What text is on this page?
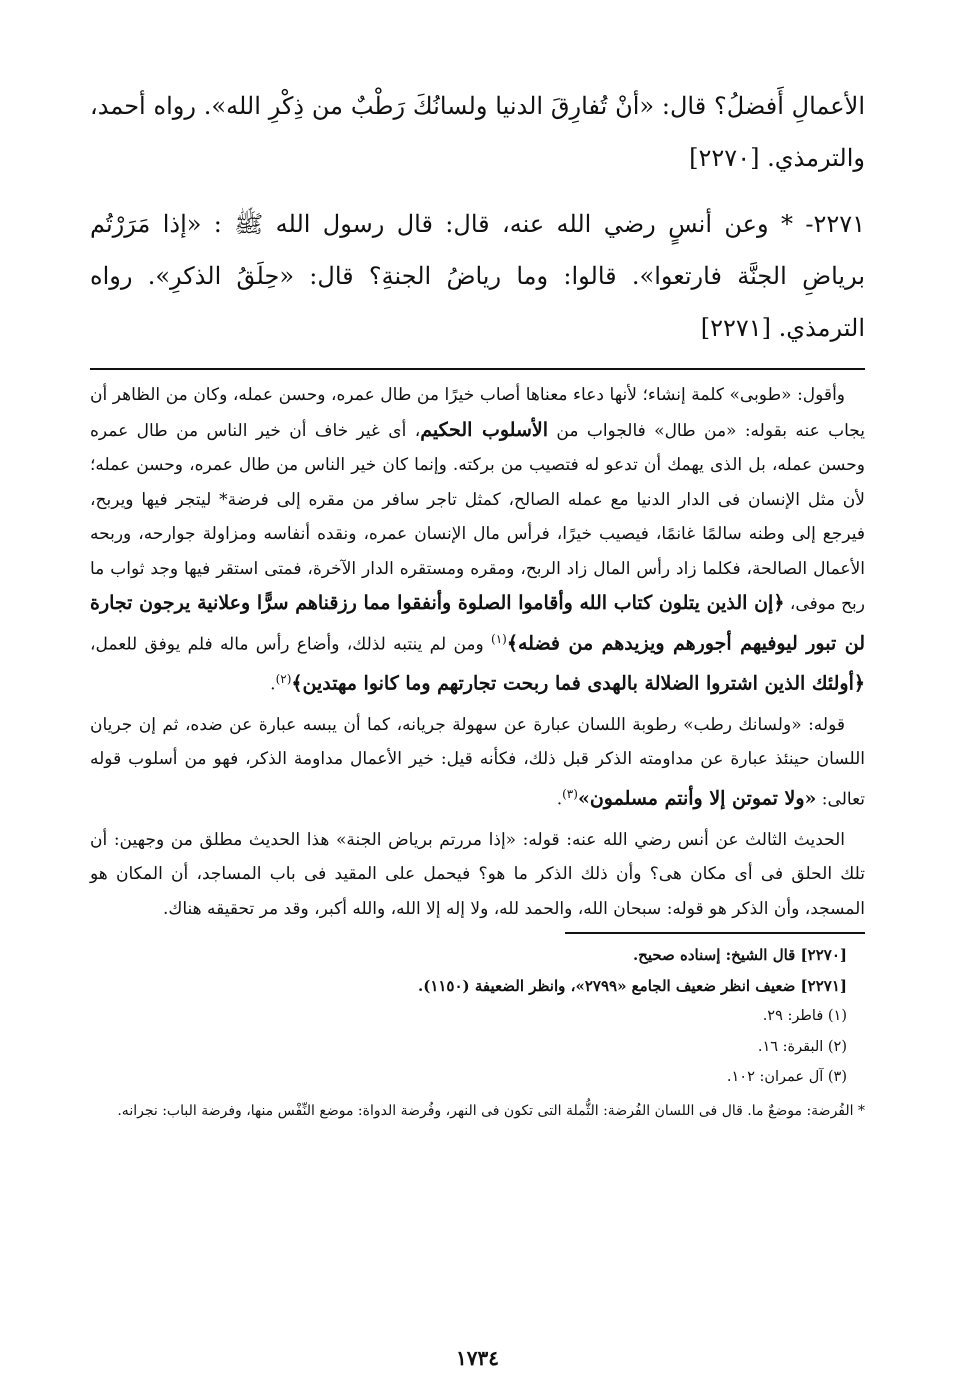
الأعمالِ أَفضلُ؟ قال: «أنْ تُفارِقَ الدنيا ولسانُكَ رَطْبٌ من ذِكْرِ الله». رواه أحمد، والترمذي. [٢٢٧٠]

٢٢٧١- * وعن أنسٍ رضي الله عنه، قال: قال رسول الله ﷺ : «إذا مَرَرْتُم برياضِ الجنَّة فارتعوا». قالوا: وما رياضُ الجنةِ؟ قال: «حِلَقُ الذكرِ». رواه الترمذي. [٢٢٧١]

وأقول: «طوبى» كلمة إنشاء؛ لأنها دعاء معناها أصاب خيرًا من طال عمره، وحسن عمله، وكان من الظاهر أن يجاب عنه بقوله: «من طال» فالجواب من الأسلوب الحكيم، أى غير خاف أن خير الناس من طال عمره وحسن عمله، بل الذى يهمك أن تدعو له فتصيب من بركته. وإنما كان خير الناس من طال عمره، وحسن عمله؛ لأن مثل الإنسان فى الدار الدنيا مع عمله الصالح، كمثل تاجر سافر من مقره إلى فرضة* ليتجر فيها ويربح، فيرجع إلى وطنه سالمًا غانمًا، فيصيب خيرًا، فرأس مال الإنسان عمره، ونقده أنفاسه ومزاولة جوارحه، وربحه الأعمال الصالحة، فكلما زاد رأس المال زاد الربح، ومقره ومستقره الدار الآخرة، فمتى استقر فيها وجد ثواب ما ربح موفى، ﴿إن الذين يتلون كتاب الله وأقاموا الصلوة وأنفقوا مما رزقناهم سرًّا وعلانية يرجون تجارة لن تبور ليوفيهم أجورهم ويزيدهم من فضله﴾$^{(١)}$ ومن لم ينتبه لذلك، وأضاع رأس ماله فلم يوفق للعمل، ﴿أولئك الذين اشتروا الضلالة بالهدى فما ربحت تجارتهم وما كانوا مهتدين﴾$^{(٢)}$.

قوله: «ولسانك رطب» رطوبة اللسان عبارة عن سهولة جريانه، كما أن يبسه عبارة عن ضده، ثم إن جريان اللسان حينئذ عبارة عن مداومته الذكر قبل ذلك، فكأنه قيل: خير الأعمال مداومة الذكر، فهو من أسلوب قوله تعالى: «ولا تموتن إلا وأنتم مسلمون»$^{(٣)}$.

الحديث الثالث عن أنس رضي الله عنه: قوله: «إذا مررتم برياض الجنة» هذا الحديث مطلق من وجهين: أن تلك الحلق فى أى مكان هى؟ وأن ذلك الذكر ما هو؟ فيحمل على المقيد فى باب المساجد، أن المكان هو المسجد، وأن الذكر هو قوله: سبحان الله، والحمد لله، ولا إله إلا الله، والله أكبر، وقد مر تحقيقه هناك.

[٢٢٧٠] قال الشيخ: إسناده صحيح.
[٢٢٧١] ضعيف انظر ضعيف الجامع «٢٧٩٩»، وانظر الضعيفة (١١٥٠).
(١) فاطر: ٢٩.
(٢) البقرة: ١٦.
(٣) آل عمران: ١٠٢.
* الفُرضة: موضعٌ ما. قال فى اللسان الفُرضة: الثُّملة التى تكون فى النهر، وفُرضة الدواة: موضع النِّفْس منها، وفرضة الباب: نجرانه.
١٧٣٤
